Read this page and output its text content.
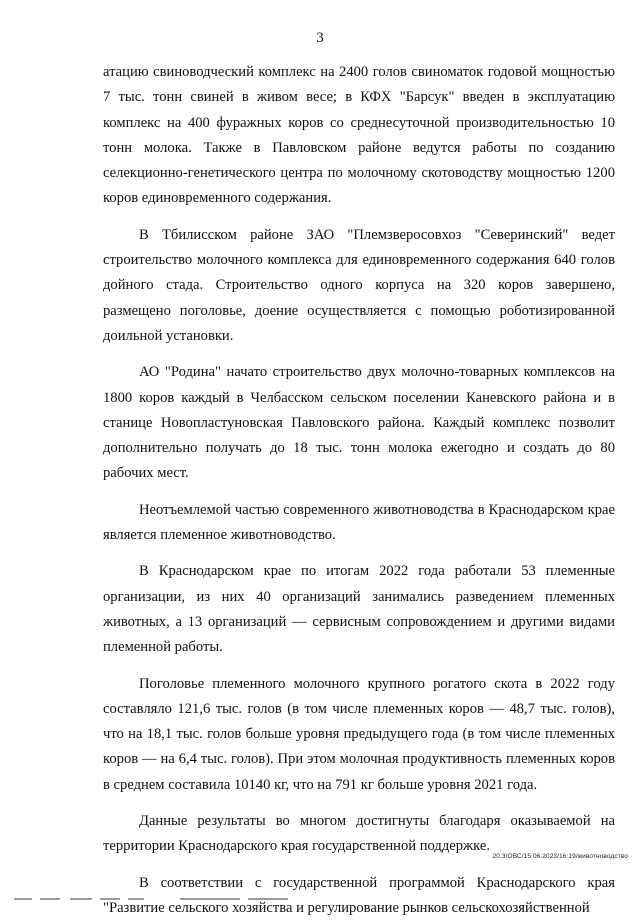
3

атацию свиноводческий комплекс на 2400 голов свиноматок годовой мощностью 7 тыс. тонн свиней в живом весе; в КФХ "Барсук" введен в эксплуатацию комплекс на 400 фуражных коров со среднесуточной производительностью 10 тонн молока. Также в Павловском районе ведутся работы по созданию селекционно-генетического центра по молочному скотоводству мощностью 1200 коров единовременного содержания.

В Тбилисском районе ЗАО "Племзверосовхоз "Северинский" ведет строительство молочного комплекса для единовременного содержания 640 голов дойного стада. Строительство одного корпуса на 320 коров завершено, размещено поголовье, доение осуществляется с помощью роботизированной доильной установки.

АО "Родина" начато строительство двух молочно-товарных комплексов на 1800 коров каждый в Челбасском сельском поселении Каневского района и в станице Новопластуновская Павловского района. Каждый комплекс позволит дополнительно получать до 18 тыс. тонн молока ежегодно и создать до 80 рабочих мест.

Неотъемлемой частью современного животноводства в Краснодарском крае является племенное животноводство.

В Краснодарском крае по итогам 2022 года работали 53 племенные организации, из них 40 организаций занимались разведением племенных животных, а 13 организаций — сервисным сопровождением и другими видами племенной работы.

Поголовье племенного молочного крупного рогатого скота в 2022 году составляло 121,6 тыс. голов (в том числе племенных коров — 48,7 тыс. голов), что на 18,1 тыс. голов больше уровня предыдущего года (в том числе племенных коров — на 6,4 тыс. голов). При этом молочная продуктивность племенных коров в среднем составила 10140 кг, что на 791 кг больше уровня 2021 года.

Данные результаты во многом достигнуты благодаря оказываемой на территории Краснодарского края государственной поддержке.

В соответствии с государственной программой Краснодарского края "Развитие сельского хозяйства и регулирование рынков сельскохозяйственной

20.3/ОВС/15.06.2023/16:19/животноводство
